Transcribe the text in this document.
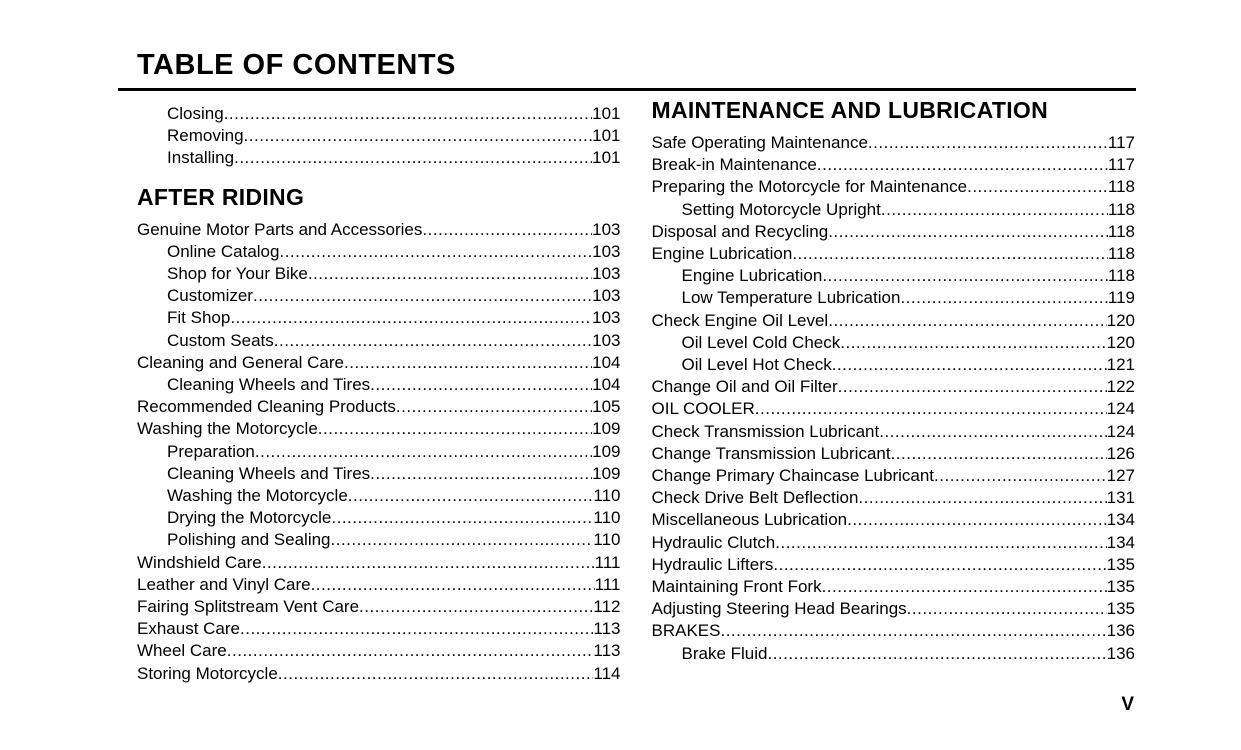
TABLE OF CONTENTS
Closing .....	101
Removing .....	101
Installing .....	101
AFTER RIDING
Genuine Motor Parts and Accessories .....	103
Online Catalog .....	103
Shop for Your Bike .....	103
Customizer .....	103
Fit Shop .....	103
Custom Seats .....	103
Cleaning and General Care .....	104
Cleaning Wheels and Tires .....	104
Recommended Cleaning Products .....	105
Washing the Motorcycle .....	109
Preparation .....	109
Cleaning Wheels and Tires .....	109
Washing the Motorcycle .....	110
Drying the Motorcycle .....	110
Polishing and Sealing .....	110
Windshield Care .....	111
Leather and Vinyl Care .....	111
Fairing Splitstream Vent Care .....	112
Exhaust Care .....	113
Wheel Care .....	113
Storing Motorcycle .....	114
MAINTENANCE AND LUBRICATION
Safe Operating Maintenance .....	117
Break-in Maintenance .....	117
Preparing the Motorcycle for Maintenance .....	118
Setting Motorcycle Upright .....	118
Disposal and Recycling .....	118
Engine Lubrication .....	118
Engine Lubrication .....	118
Low Temperature Lubrication .....	119
Check Engine Oil Level .....	120
Oil Level Cold Check .....	120
Oil Level Hot Check .....	121
Change Oil and Oil Filter .....	122
OIL COOLER .....	124
Check Transmission Lubricant .....	124
Change Transmission Lubricant .....	126
Change Primary Chaincase Lubricant .....	127
Check Drive Belt Deflection .....	131
Miscellaneous Lubrication .....	134
Hydraulic Clutch .....	134
Hydraulic Lifters .....	135
Maintaining Front Fork .....	135
Adjusting Steering Head Bearings .....	135
BRAKES .....	136
Brake Fluid .....	136
V
